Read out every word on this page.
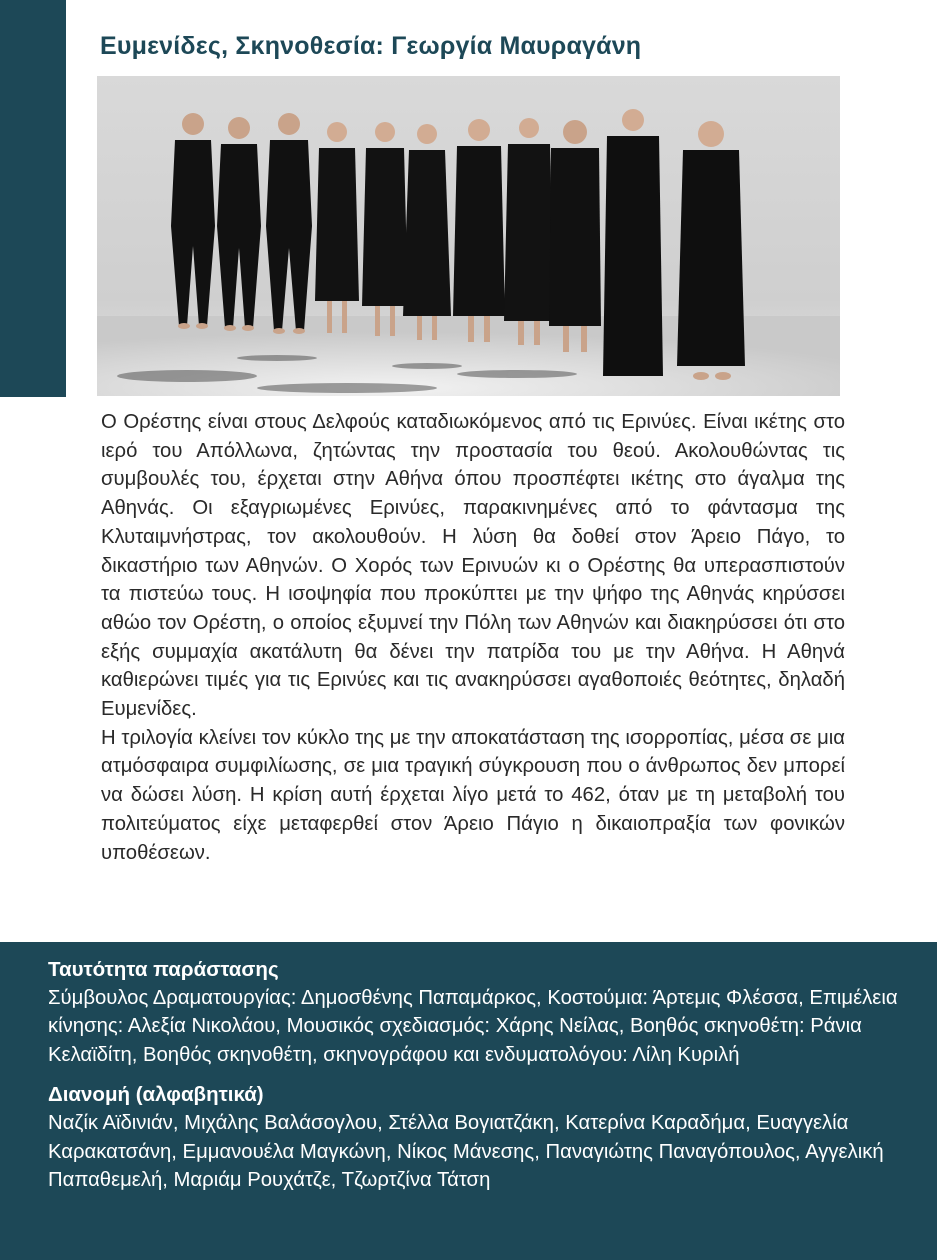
Ευμενίδες, Σκηνοθεσία: Γεωργία Μαυραγάνη

Ο Ορέστης είναι στους Δελφούς καταδιωκόμενος από τις Ερινύες. Είναι ικέτης στο ιερό του Απόλλωνα, ζητώντας την προστασία του θεού. Ακολουθώντας τις συμβουλές του, έρχεται στην Αθήνα όπου προσπέφτει ικέτης στο άγαλμα της Αθηνάς. Οι εξαγριωμένες Ερινύες, παρακινημένες από το φάντασμα της Κλυταιμνήστρας, τον ακολουθούν. Η λύση θα δοθεί στον Άρειο Πάγο, το δικαστήριο των Αθηνών. Ο Χορός των Ερινυών κι ο Ορέστης θα υπερασπιστούν τα πιστεύω τους. Η ισοψηφία που προκύπτει με την ψήφο της Αθηνάς κηρύσσει αθώο τον Ορέστη, ο οποίος εξυμνεί την Πόλη των Αθηνών και διακηρύσσει ότι στο εξής συμμαχία ακατάλυτη θα δένει την πατρίδα του με την Αθήνα. Η Αθηνά καθιερώνει τιμές για τις Ερινύες και τις ανακηρύσσει αγαθοποιές θεότητες, δηλαδή Ευμενίδες.

Η τριλογία κλείνει τον κύκλο της με την αποκατάσταση της ισορροπίας, μέσα σε μια ατμόσφαιρα συμφιλίωσης, σε μια τραγική σύγκρουση που ο άνθρωπος δεν μπορεί να δώσει λύση. Η κρίση αυτή έρχεται λίγο μετά το 462, όταν με τη μεταβολή του πολιτεύματος είχε μεταφερθεί στον Άρειο Πάγιο η δικαιοπραξία των φονικών υποθέσεων.

Ταυτότητα παράστασης

Σύμβουλος Δραματουργίας: Δημοσθένης Παπαμάρκος, Κοστούμια: Άρτεμις Φλέσσα, Επιμέλεια κίνησης: Αλεξία Νικολάου, Μουσικός σχεδιασμός: Χάρης Νείλας, Βοηθός σκηνοθέτη: Ράνια Κελαϊδίτη, Βοηθός σκηνοθέτη, σκηνογράφου και ενδυματολόγου: Λίλη Κυριλή

Διανομή (αλφαβητικά)

Ναζίκ Αϊδινιάν, Μιχάλης Βαλάσογλου, Στέλλα Βογιατζάκη, Κατερίνα Καραδήμα, Ευαγγελία Καρακατσάνη, Εμμανουέλα Μαγκώνη, Νίκος Μάνεσης, Παναγιώτης Παναγόπουλος, Αγγελική Παπαθεμελή, Μαριάμ Ρουχάτζε, Τζωρτζίνα Τάτση
